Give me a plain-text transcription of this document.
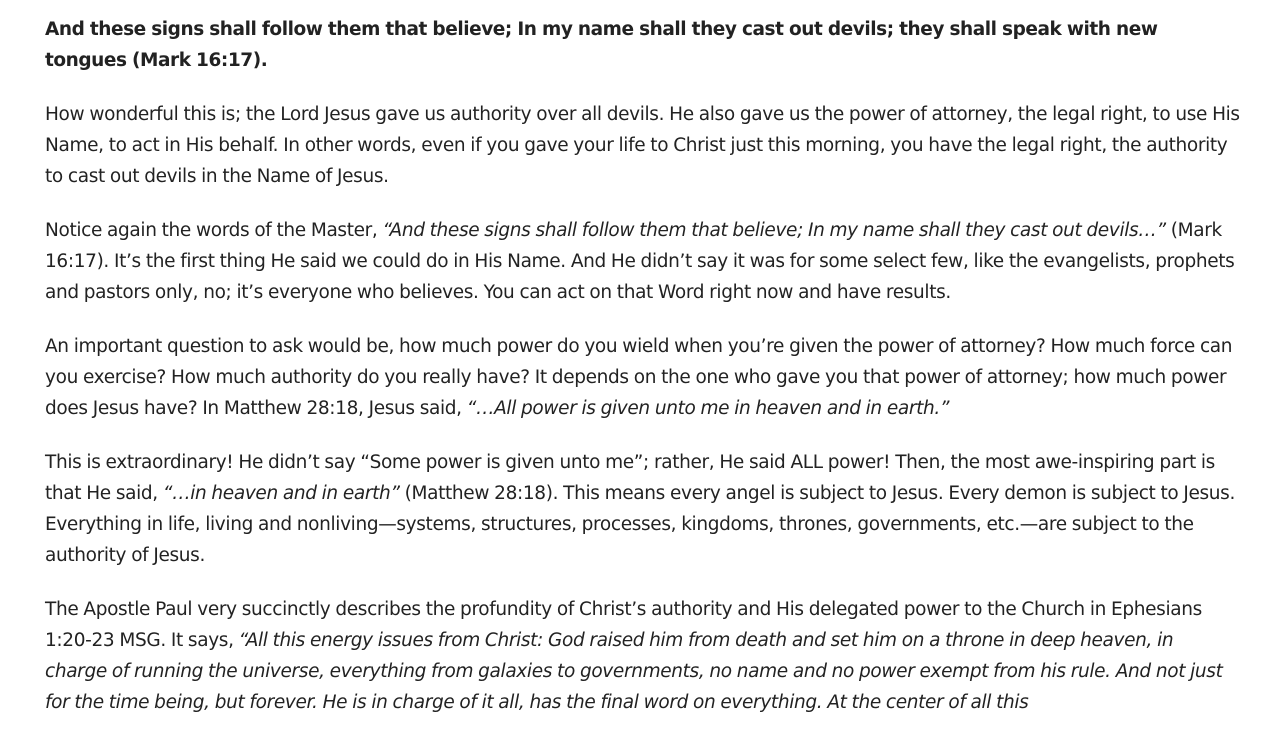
And these signs shall follow them that believe; In my name shall they cast out devils; they shall speak with new tongues (Mark 16:17).

How wonderful this is; the Lord Jesus gave us authority over all devils. He also gave us the power of attorney, the legal right, to use His Name, to act in His behalf. In other words, even if you gave your life to Christ just this morning, you have the legal right, the authority to cast out devils in the Name of Jesus.

Notice again the words of the Master, “And these signs shall follow them that believe; In my name shall they cast out devils…” (Mark 16:17). It’s the first thing He said we could do in His Name. And He didn’t say it was for some select few, like the evangelists, prophets and pastors only, no; it’s everyone who believes. You can act on that Word right now and have results.

An important question to ask would be, how much power do you wield when you’re given the power of attorney? How much force can you exercise? How much authority do you really have? It depends on the one who gave you that power of attorney; how much power does Jesus have? In Matthew 28:18, Jesus said, “…All power is given unto me in heaven and in earth.”

This is extraordinary! He didn’t say “Some power is given unto me”; rather, He said ALL power! Then, the most awe-inspiring part is that He said, “…in heaven and in earth” (Matthew 28:18). This means every angel is subject to Jesus. Every demon is subject to Jesus. Everything in life, living and nonliving—systems, structures, processes, kingdoms, thrones, governments, etc.—are subject to the authority of Jesus.

The Apostle Paul very succinctly describes the profundity of Christ’s authority and His delegated power to the Church in Ephesians 1:20-23 MSG. It says, “All this energy issues from Christ: God raised him from death and set him on a throne in deep heaven, in charge of running the universe, everything from galaxies to governments, no name and no power exempt from his rule. And not just for the time being, but forever. He is in charge of it all, has the final word on everything. At the center of all this
